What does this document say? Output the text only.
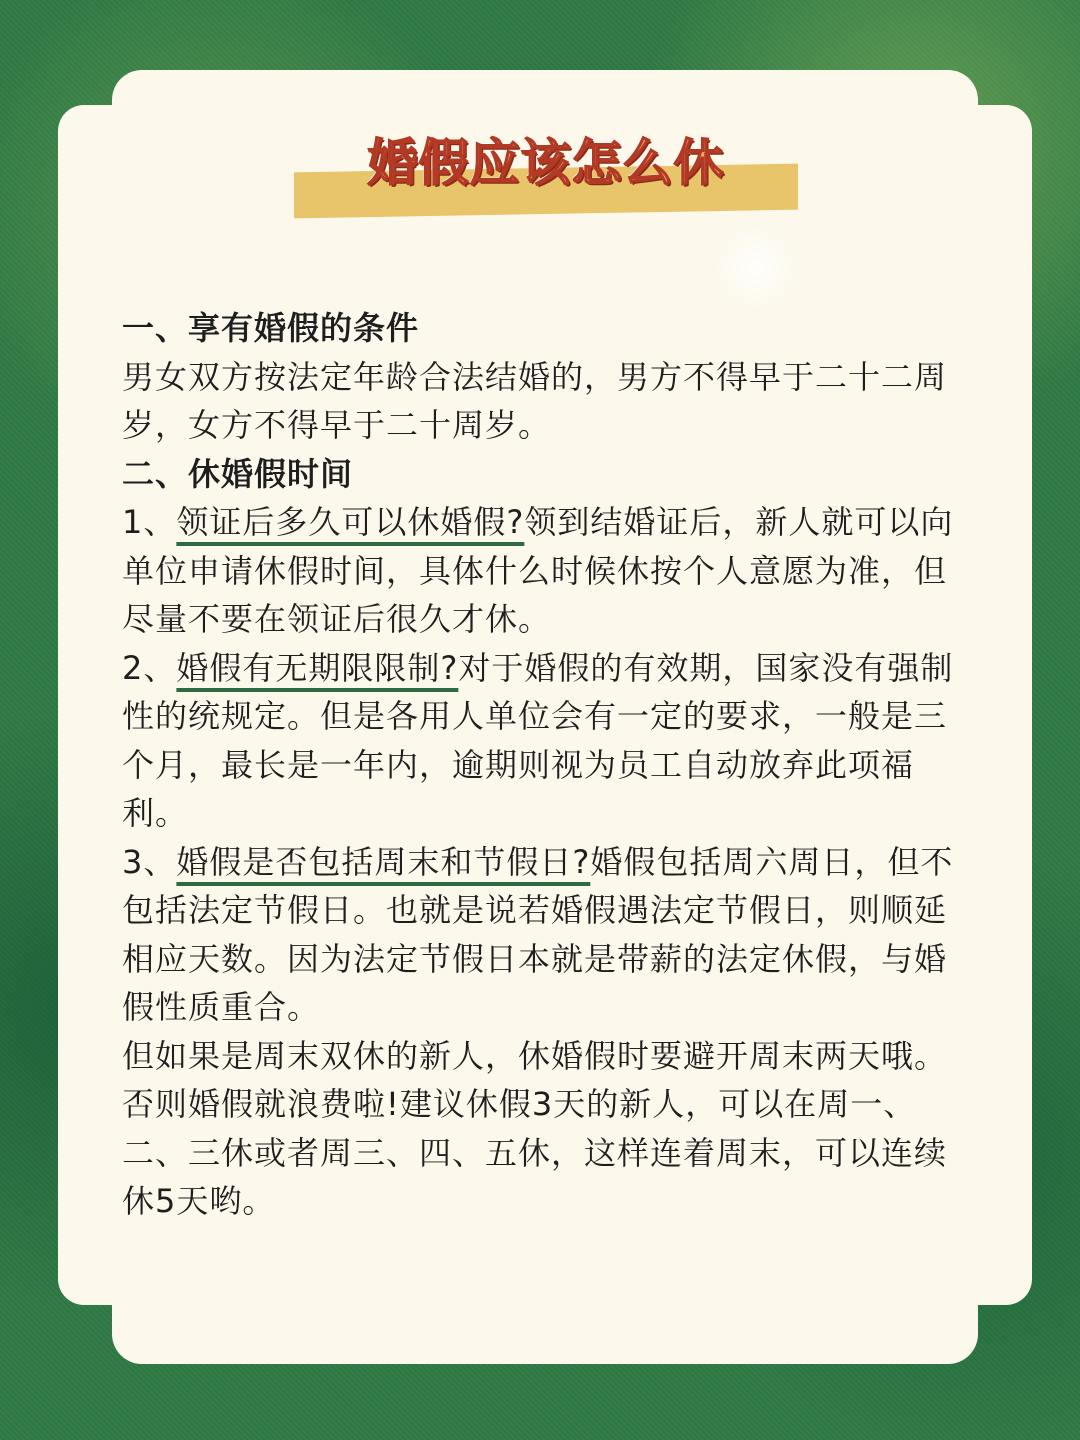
婚假应该怎么休

一、享有婚假的条件

男女双方按法定年龄合法结婚的，男方不得早于二十二周岁，女方不得早于二十周岁。

二、休婚假时间

1、领证后多久可以休婚假?领到结婚证后，新人就可以向单位申请休假时间，具体什么时候休按个人意愿为准，但尽量不要在领证后很久才休。

2、婚假有无期限限制?对于婚假的有效期，国家没有强制性的统规定。但是各用人单位会有一定的要求，一般是三个月，最长是一年内，逾期则视为员工自动放弃此项福利。

3、婚假是否包括周末和节假日?婚假包括周六周日，但不包括法定节假日。也就是说若婚假遇法定节假日，则顺延相应天数。因为法定节假日本就是带薪的法定休假，与婚假性质重合。

但如果是周末双休的新人，休婚假时要避开周末两天哦。否则婚假就浪费啦!建议休假3天的新人，可以在周一、二、三休或者周三、四、五休，这样连着周末，可以连续休5天哟。
